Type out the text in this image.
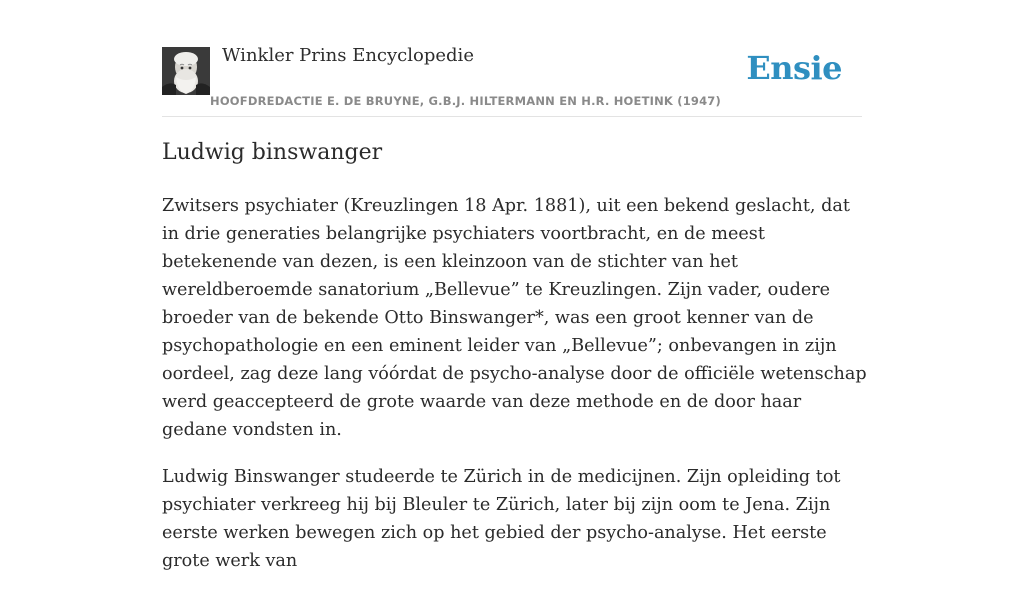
Winkler Prins Encyclopedie
HOOFDREDACTIE E. DE BRUYNE, G.B.J. HILTERMANN EN H.R. HOETINK (1947)
Ensie
Ludwig binswanger

Zwitsers psychiater (Kreuzlingen 18 Apr. 1881), uit een bekend geslacht, dat in drie generaties belangrijke psychiaters voortbracht, en de meest betekenende van dezen, is een kleinzoon van de stichter van het wereldberoemde sanatorium „Bellevue” te Kreuzlingen. Zijn vader, oudere broeder van de bekende Otto Binswanger*, was een groot kenner van de psychopathologie en een eminent leider van „Bellevue”; onbevangen in zijn oordeel, zag deze lang vóórdat de psycho-analyse door de officiële wetenschap werd geaccepteerd de grote waarde van deze methode en de door haar gedane vondsten in.

Ludwig Binswanger studeerde te Zürich in de medicijnen. Zijn opleiding tot psychiater verkreeg hij bij Bleuler te Zürich, later bij zijn oom te Jena. Zijn eerste werken bewegen zich op het gebied der psycho-analyse. Het eerste grote werk van
